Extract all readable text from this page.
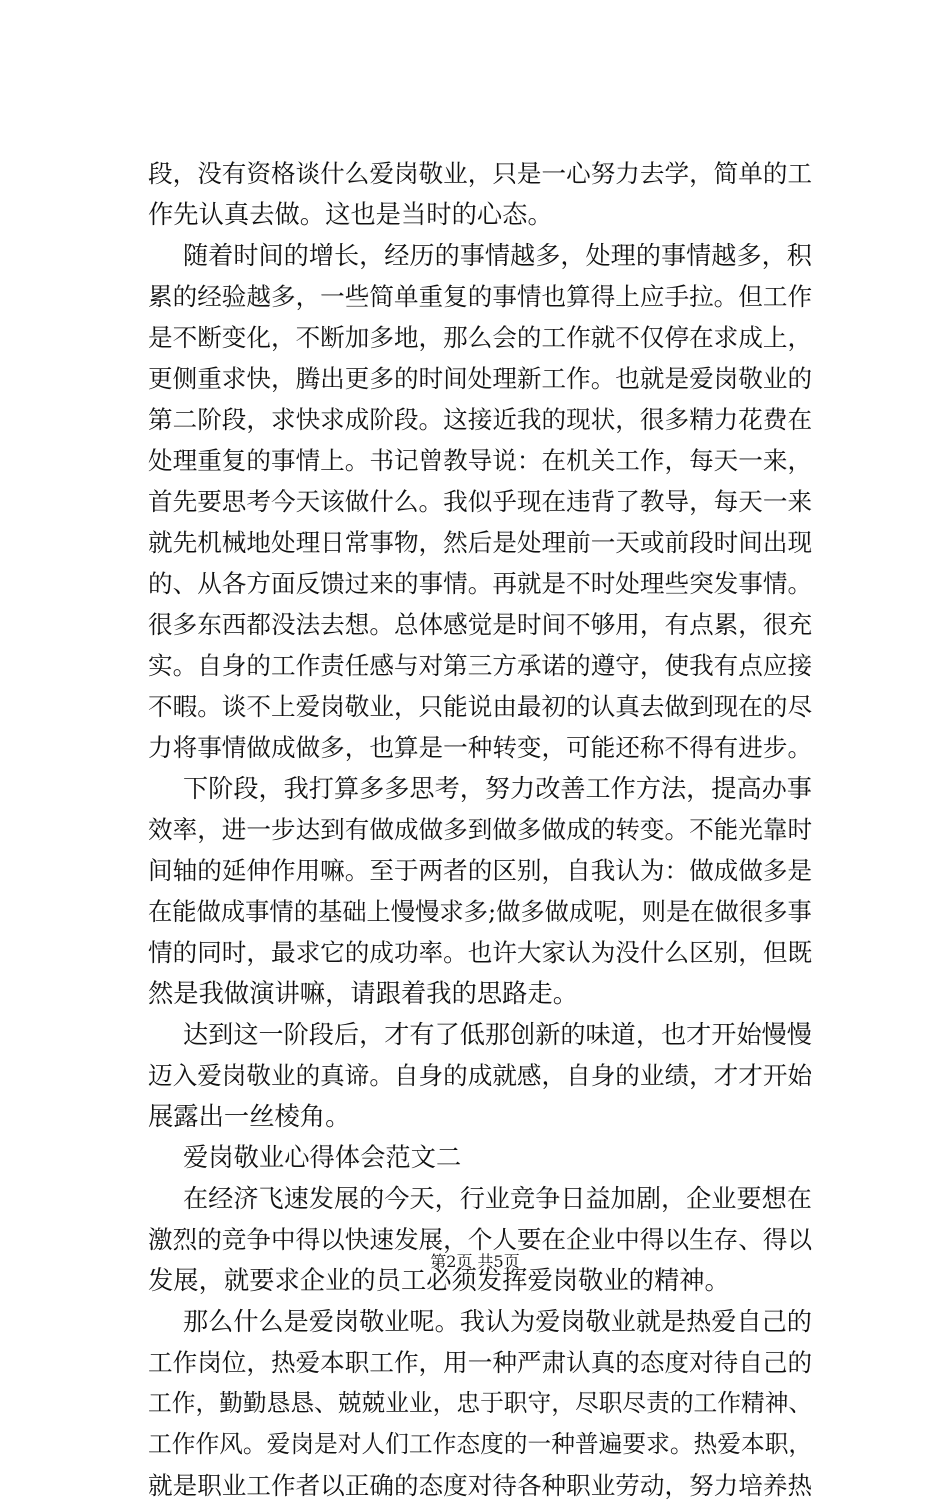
段，没有资格谈什么爱岗敬业，只是一心努力去学，简单的工
作先认真去做。这也是当时的心态。
随着时间的增长，经历的事情越多，处理的事情越多，积
累的经验越多，一些简单重复的事情也算得上应手拉。但工作
是不断变化，不断加多地，那么会的工作就不仅停在求成上，
更侧重求快，腾出更多的时间处理新工作。也就是爱岗敬业的
第二阶段，求快求成阶段。这接近我的现状，很多精力花费在
处理重复的事情上。书记曾教导说：在机关工作，每天一来，
首先要思考今天该做什么。我似乎现在违背了教导，每天一来
就先机械地处理日常事物，然后是处理前一天或前段时间出现
的、从各方面反馈过来的事情。再就是不时处理些突发事情。
很多东西都没法去想。总体感觉是时间不够用，有点累，很充
实。自身的工作责任感与对第三方承诺的遵守，使我有点应接
不暇。谈不上爱岗敬业，只能说由最初的认真去做到现在的尽
力将事情做成做多，也算是一种转变，可能还称不得有进步。
下阶段，我打算多多思考，努力改善工作方法，提高办事
效率，进一步达到有做成做多到做多做成的转变。不能光靠时
间轴的延伸作用嘛。至于两者的区别，自我认为：做成做多是
在能做成事情的基础上慢慢求多;做多做成呢，则是在做很多事
情的同时，最求它的成功率。也许大家认为没什么区别，但既
然是我做演讲嘛，请跟着我的思路走。
达到这一阶段后，才有了低那创新的味道，也才开始慢慢
迈入爱岗敬业的真谛。自身的成就感，自身的业绩，才才开始
展露出一丝棱角。
爱岗敬业心得体会范文二
在经济飞速发展的今天，行业竞争日益加剧，企业要想在
激烈的竞争中得以快速发展，个人要在企业中得以生存、得以
发展，就要求企业的员工必须发挥爱岗敬业的精神。
那么什么是爱岗敬业呢。我认为爱岗敬业就是热爱自己的
工作岗位，热爱本职工作，用一种严肃认真的态度对待自己的
工作，勤勤恳恳、兢兢业业，忠于职守，尽职尽责的工作精神、
工作作风。爱岗是对人们工作态度的一种普遍要求。热爱本职，
就是职业工作者以正确的态度对待各种职业劳动，努力培养热
第2页 共5页
